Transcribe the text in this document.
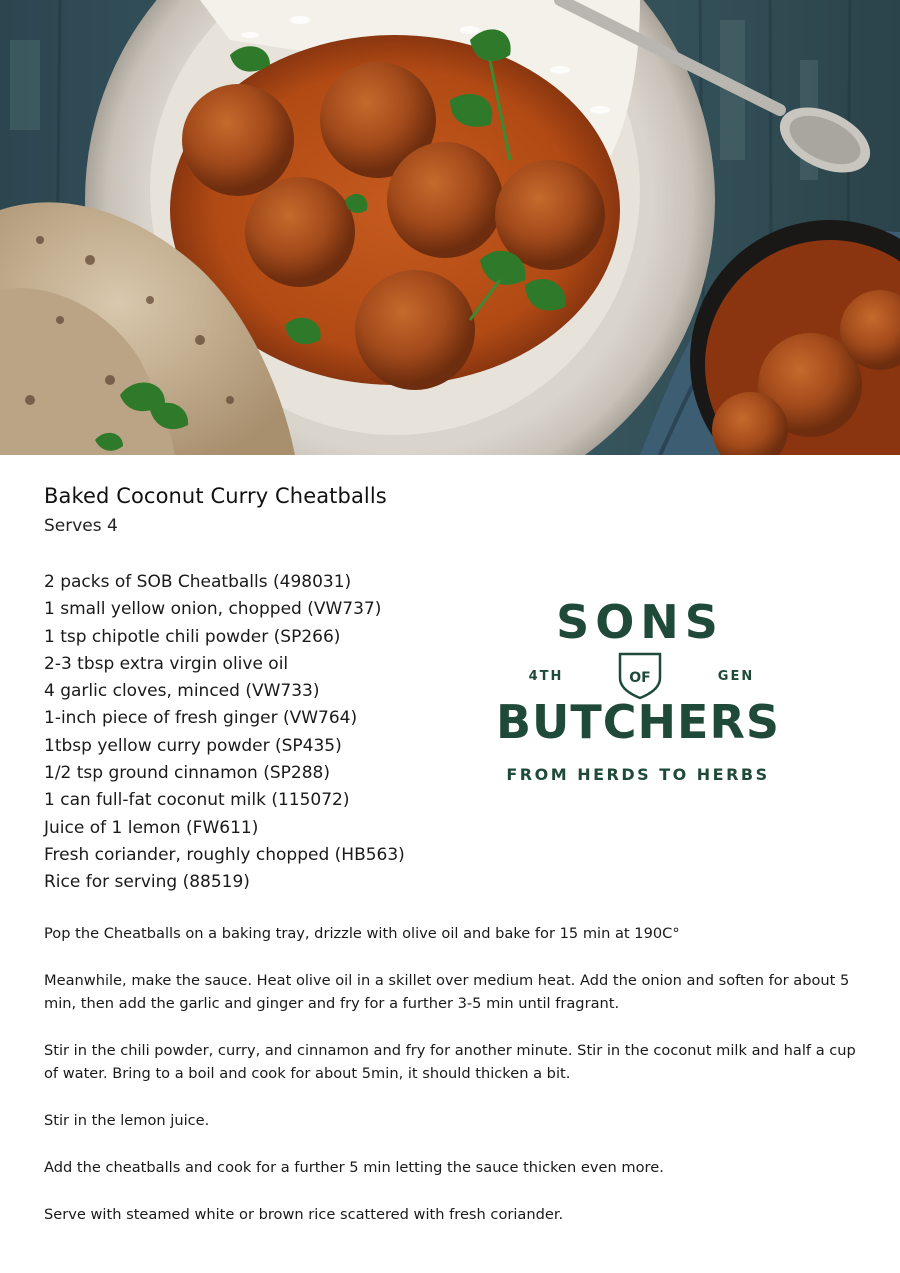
Baked Coconut Curry Cheatballs

Serves 4

2 packs of SOB Cheatballs (498031)
1 small yellow onion, chopped (VW737)
1 tsp chipotle chili powder (SP266)
2-3 tbsp extra virgin olive oil
4 garlic cloves, minced (VW733)
1-inch piece of fresh ginger (VW764)
1tbsp yellow curry powder (SP435)
1/2 tsp ground cinnamon (SP288)
1 can full-fat coconut milk (115072)
Juice of 1 lemon (FW611)
Fresh coriander, roughly chopped (HB563)
Rice for serving (88519)
SONS
4TH	GEN
BUTCHERS
FROM HERDS TO HERBS
OF

Pop the Cheatballs on a baking tray, drizzle with olive oil and bake for 15 min at 190C°

Meanwhile, make the sauce. Heat olive oil in a skillet over medium heat. Add the onion and soften for about 5 min, then add the garlic and ginger and fry for a further 3-5 min until fragrant.

Stir in the chili powder, curry, and cinnamon and fry for another minute. Stir in the coconut milk and half a cup of water. Bring to a boil and cook for about 5min, it should thicken a bit.

Stir in the lemon juice.

Add the cheatballs and cook for a further 5 min letting the sauce thicken even more.

Serve with steamed white or brown rice scattered with fresh coriander.
